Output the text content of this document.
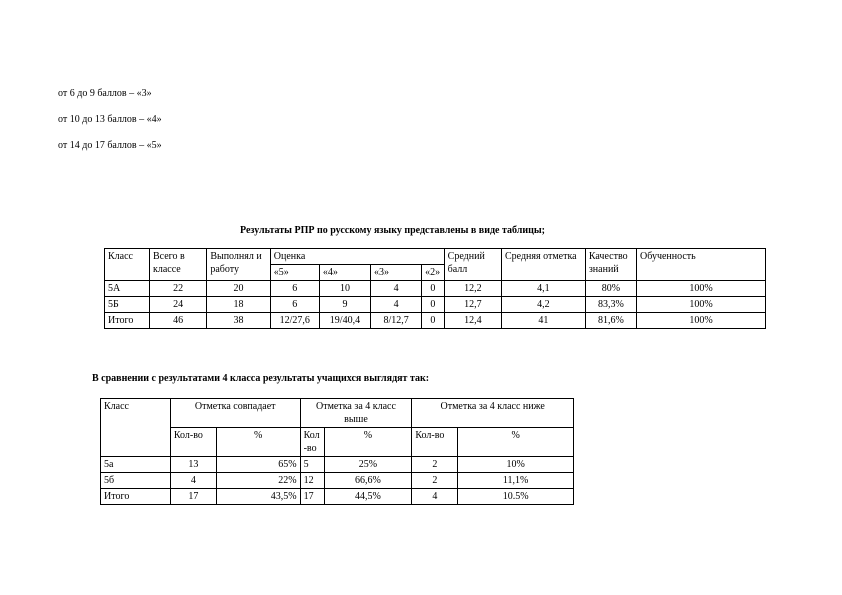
от 6 до 9 баллов – «3»
от 10 до 13 баллов – «4»
от 14 до 17 баллов – «5»
Результаты РПР по русскому языку представлены в виде таблицы;
Класс	Всего в классе	Выполнял и работу	Оценка				Средний балл	Средняя отметка	Качество знаний	Обученность
			«5»	«4»	«3»	«2»				
5А	22	20	6	10	4	0	12,2	4,1	80%	100%
5Б	24	18	6	9	4	0	12,7	4,2	83,3%	100%
Итого	46	38	12/27,6	19/40,4	8/12,7	0	12,4	41	81,6%	100%
В сравнении с результатами 4 класса результаты учащихся выглядят так:
Класс	Отметка совпадает		Отметка за 4 класс выше		Отметка за 4 класс ниже	
	Кол-во	%	Кол-во	%	Кол-во	%
5а	13	65%	5	25%	2	10%
5б	4	22%	12	66,6%	2	11,1%
Итого	17	43,5%	17	44,5%	4	10.5%
